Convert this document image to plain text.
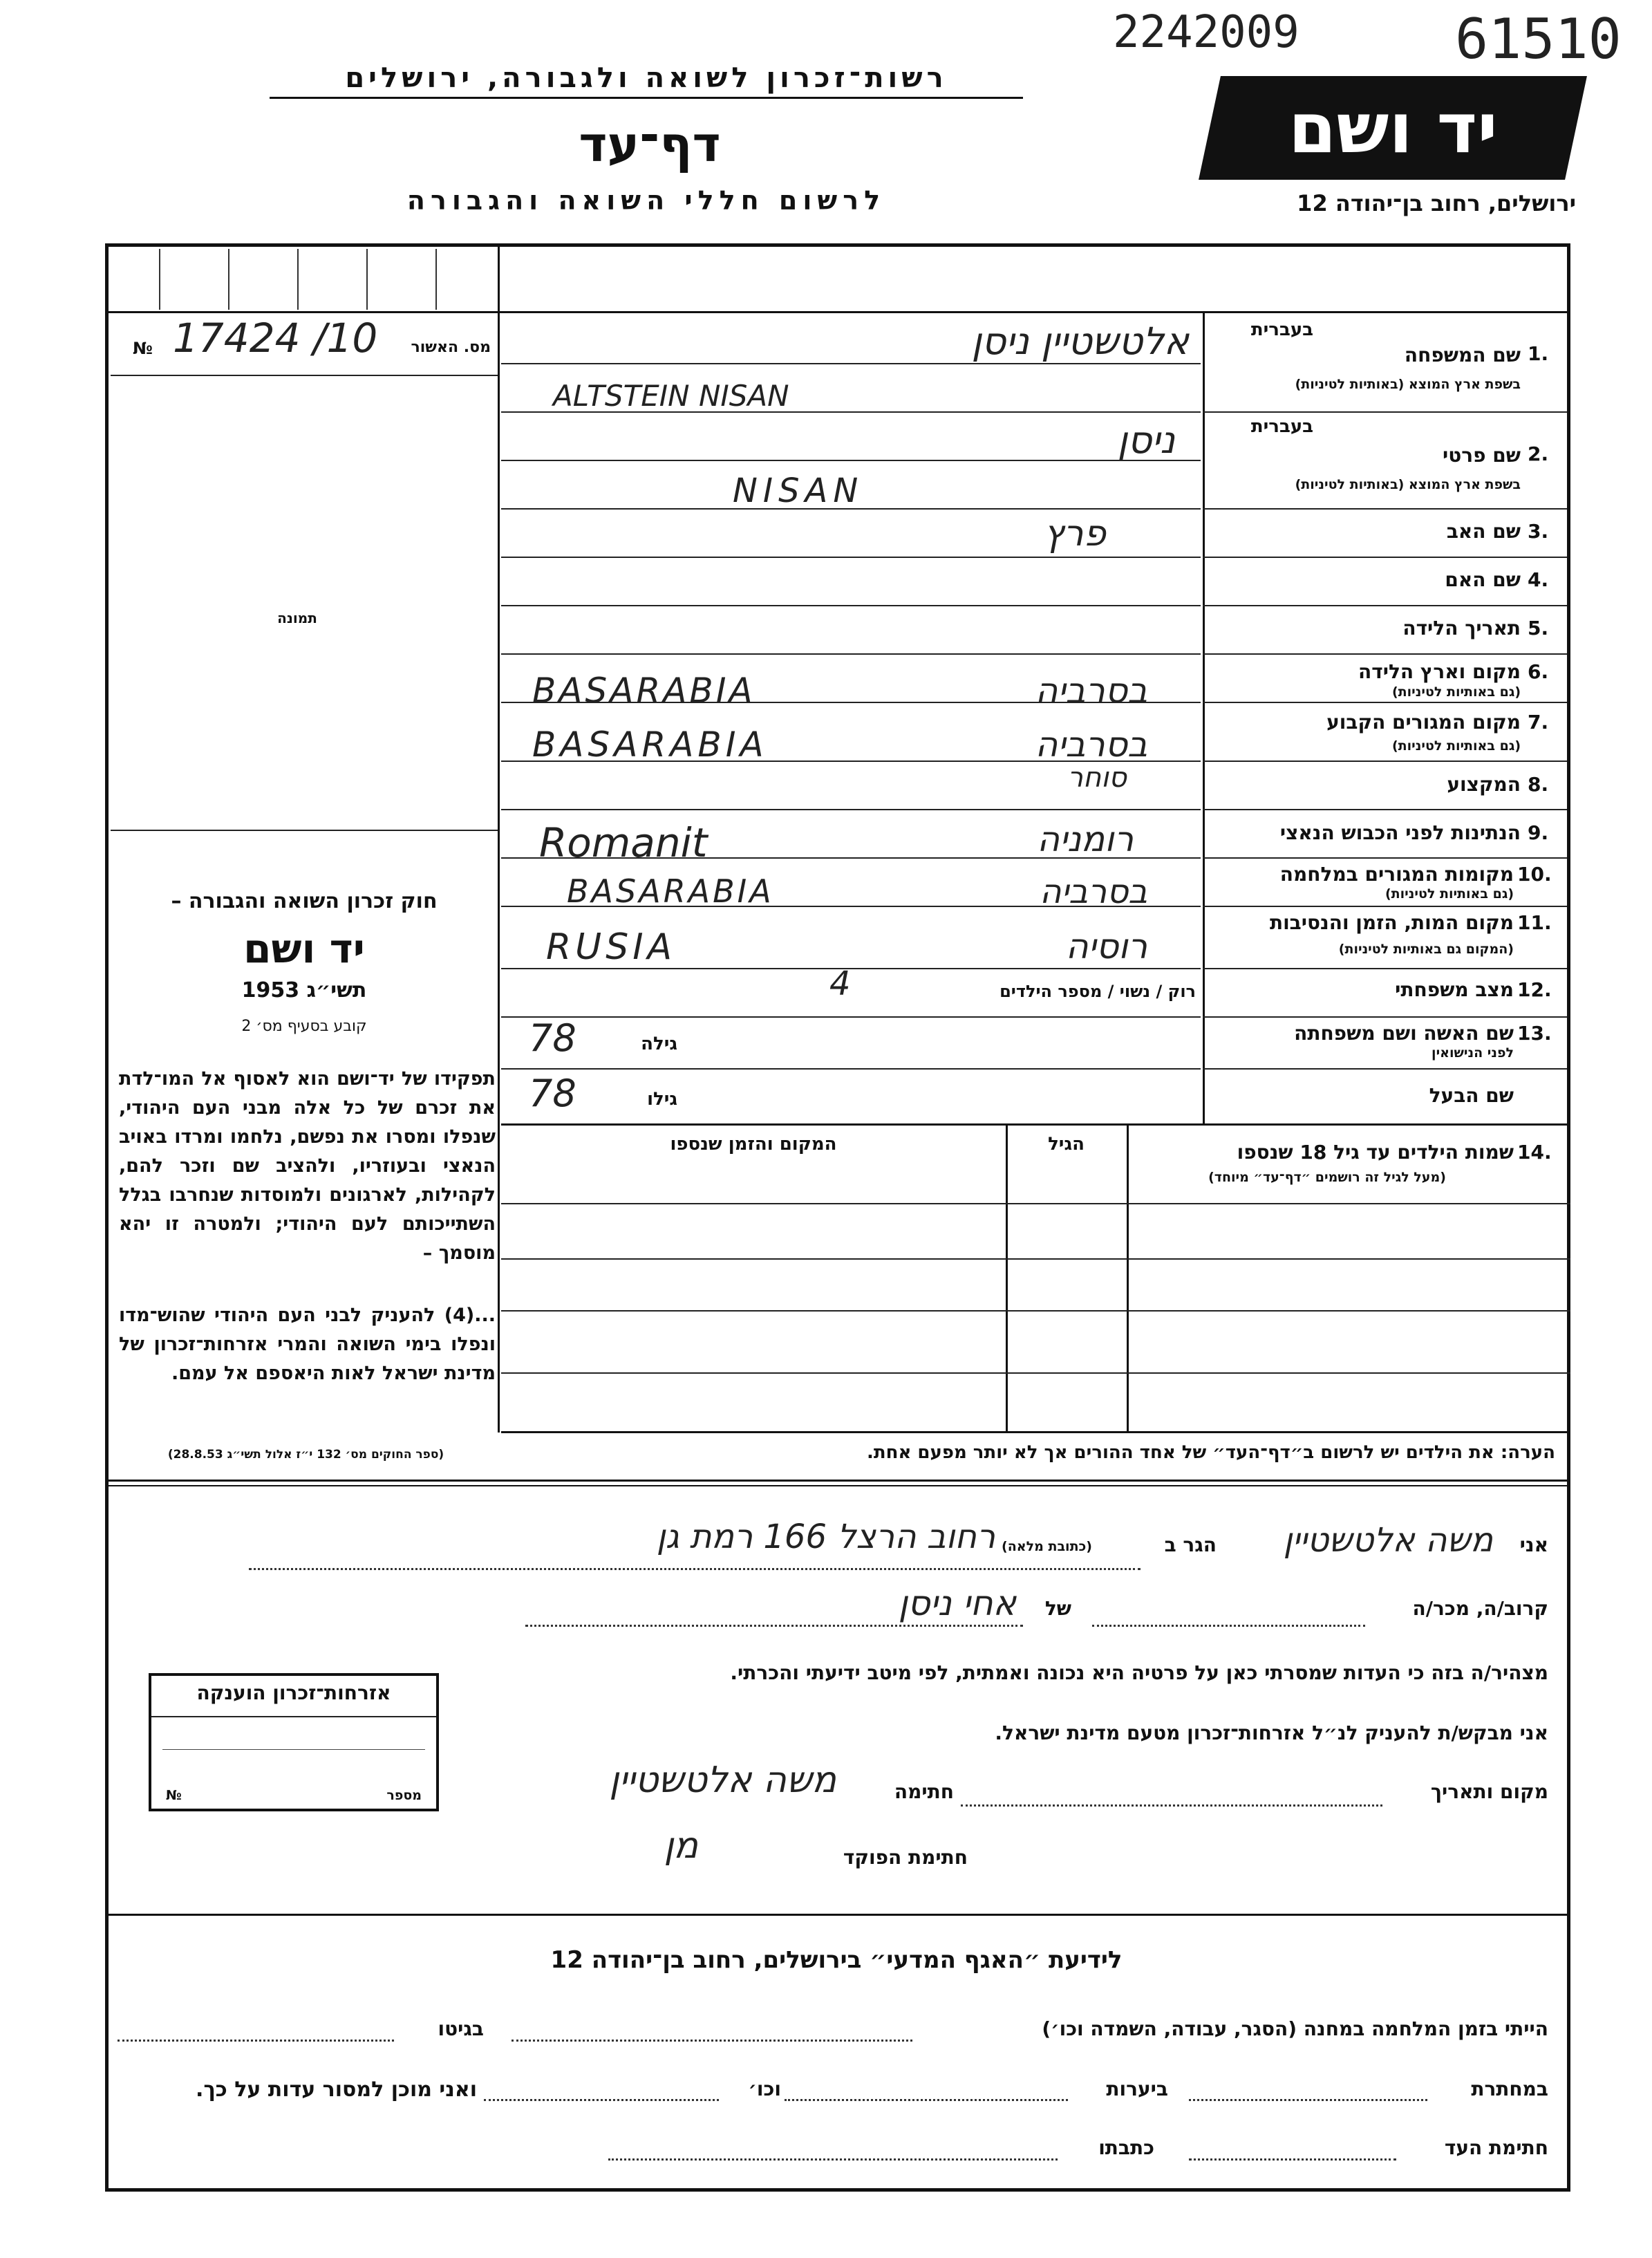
2242009	61510
רשות־זכרון לשואה ולגבורה, ירושלים
דף־עד
לרשום חללי השואה והגבורה
יד ושם
ירושלים, רחוב בן־יהודה 12
מס. האשור
№ 17424 /10
תמונה
חוק זכרון השואה והגבורה –
יד ושם
תשי״ג 1953
קובע בסעיף מס׳ 2
תפקידו של יד־ושם הוא לאסוף אל המו־לדת את זכרם של כל אלה מבני העם היהודי, שנפלו ומסרו את נפשם, נלחמו ומרדו באויב הנאצי ובעוזריו, ולהציב שם וזכר להם, לקהילות, לארגונים ולמוסדות שנחרבו בגלל השתייכותם לעם היהודי; ולמטרה זו יהא מוסמך –
...(4) להעניק לבני העם היהודי שהוש־מדו ונפלו בימי השואה והמרי אזרחות־זכרון של מדינת ישראל לאות היאספם אל עמם.
(ספר החוקים מס׳ 132 י״ז אלול תשי״ג 28.8.53)
בעברית
1.
שם המשפחה
בשפת ארץ המוצא (באותיות לטיניות)
אלטשטיין ניסן
ALTSTEIN NISAN
בעברית
2.
שם פרטי
בשפת ארץ המוצא (באותיות לטיניות)
ניסן
NISAN
3.
שם האב
פרץ
4.
שם האם
5.
תאריך הלידה
6.
מקום וארץ הלידה
(גם באותיות לטיניות)
בסרביה
BASARABIA
7.
מקום המגורים הקבוע
(גם באותיות לטיניות)
בסרביה
BASARABIA
8.
המקצוע
סוחר
9.
הנתינות לפני הכבוש הנאצי
רומניה
Romanit
10.
מקומות המגורים במלחמה
(גם באותיות לטיניות)
בסרביה
BASARABIA
11.
מקום המות, הזמן והנסיבות
(המקום גם באותיות לטיניות)
רוסיה
RUSIA
12.
מצב משפחתי
רוק / נשוי / מספר הילדים
4
13.
שם האשה ושם משפחתה
לפני הנישואין
גילה
78
שם הבעל
גילו
78
14.
שמות הילדים עד גיל 18 שנספו
(מעל לגיל זה רושמים ״דף־עד״ מיוחד)
הגיל
המקום והזמן שנספו
הערה: את הילדים יש לרשום ב״דף־העד״ של אחד ההורים אך לא יותר מפעם אחת.
אני
משה אלטשטיין
הגר ב
(כתובת מלאה)
רחוב הרצל 166 רמת גן
קרוב/ה, מכר/ה
אחי ניסן	של
מצהיר/ה בזה כי העדות שמסרתי כאן על פרטיה היא נכונה ואמתית, לפי מיטב ידיעתי והכרתי.
אני מבקש/ת להעניק לנ״ל אזרחות־זכרון מטעם מדינת ישראל.
מקום ותאריך
חתימה
משה אלטשטיין
חתימת הפוקד
מן
אזרחות־זכרון הוענקה
מספר
№
לידיעת ״האגף המדעי״ בירושלים, רחוב בן־יהודה 12
הייתי בזמן המלחמה במחנה (הסגר, עבודה, השמדה וכו׳)
בגיטו
במחתרת
ביערות
וכו׳
ואני מוכן למסור עדות על כך.
חתימת העד
כתבתו
